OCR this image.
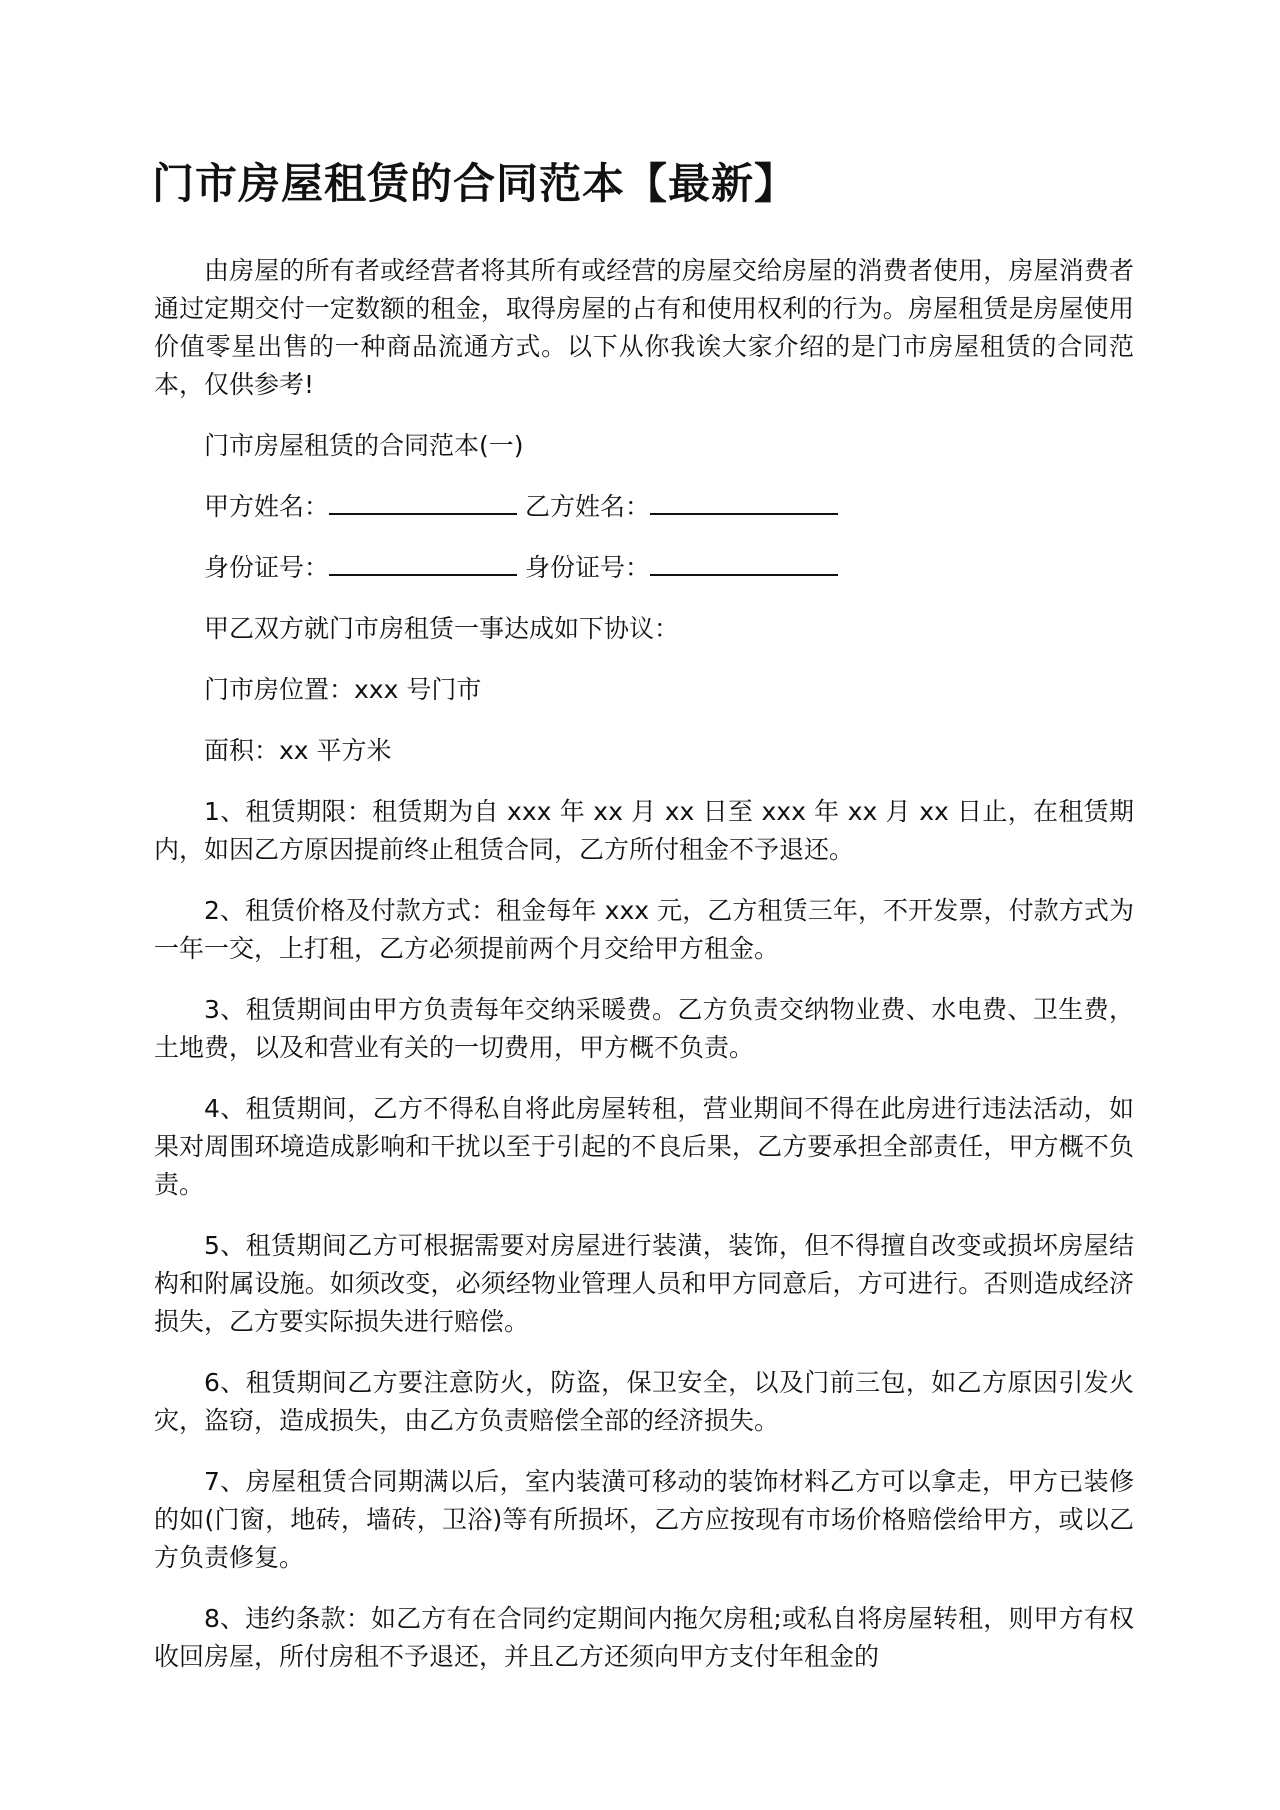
门市房屋租赁的合同范本【最新】

由房屋的所有者或经营者将其所有或经营的房屋交给房屋的消费者使用，房屋消费者通过定期交付一定数额的租金，取得房屋的占有和使用权利的行为。房屋租赁是房屋使用价值零星出售的一种商品流通方式。以下从你我诶大家介绍的是门市房屋租赁的合同范本，仅供参考!

门市房屋租赁的合同范本(一)

甲方姓名：	乙方姓名：

身份证号：	身份证号：

甲乙双方就门市房租赁一事达成如下协议：

门市房位置：xxx 号门市

面积：xx 平方米

1、租赁期限：租赁期为自 xxx 年 xx 月 xx 日至 xxx 年 xx 月 xx 日止，在租赁期内，如因乙方原因提前终止租赁合同，乙方所付租金不予退还。

2、租赁价格及付款方式：租金每年 xxx 元，乙方租赁三年，不开发票，付款方式为一年一交，上打租，乙方必须提前两个月交给甲方租金。

3、租赁期间由甲方负责每年交纳采暖费。乙方负责交纳物业费、水电费、卫生费，土地费，以及和营业有关的一切费用，甲方概不负责。

4、租赁期间，乙方不得私自将此房屋转租，营业期间不得在此房进行违法活动，如果对周围环境造成影响和干扰以至于引起的不良后果，乙方要承担全部责任，甲方概不负责。

5、租赁期间乙方可根据需要对房屋进行装潢，装饰，但不得擅自改变或损坏房屋结构和附属设施。如须改变，必须经物业管理人员和甲方同意后，方可进行。否则造成经济损失，乙方要实际损失进行赔偿。

6、租赁期间乙方要注意防火，防盗，保卫安全，以及门前三包，如乙方原因引发火灾，盗窃，造成损失，由乙方负责赔偿全部的经济损失。

7、房屋租赁合同期满以后，室内装潢可移动的装饰材料乙方可以拿走，甲方已装修的如(门窗，地砖，墙砖，卫浴)等有所损坏，乙方应按现有市场价格赔偿给甲方，或以乙方负责修复。

8、违约条款：如乙方有在合同约定期间内拖欠房租;或私自将房屋转租，则甲方有权收回房屋，所付房租不予退还，并且乙方还须向甲方支付年租金的
